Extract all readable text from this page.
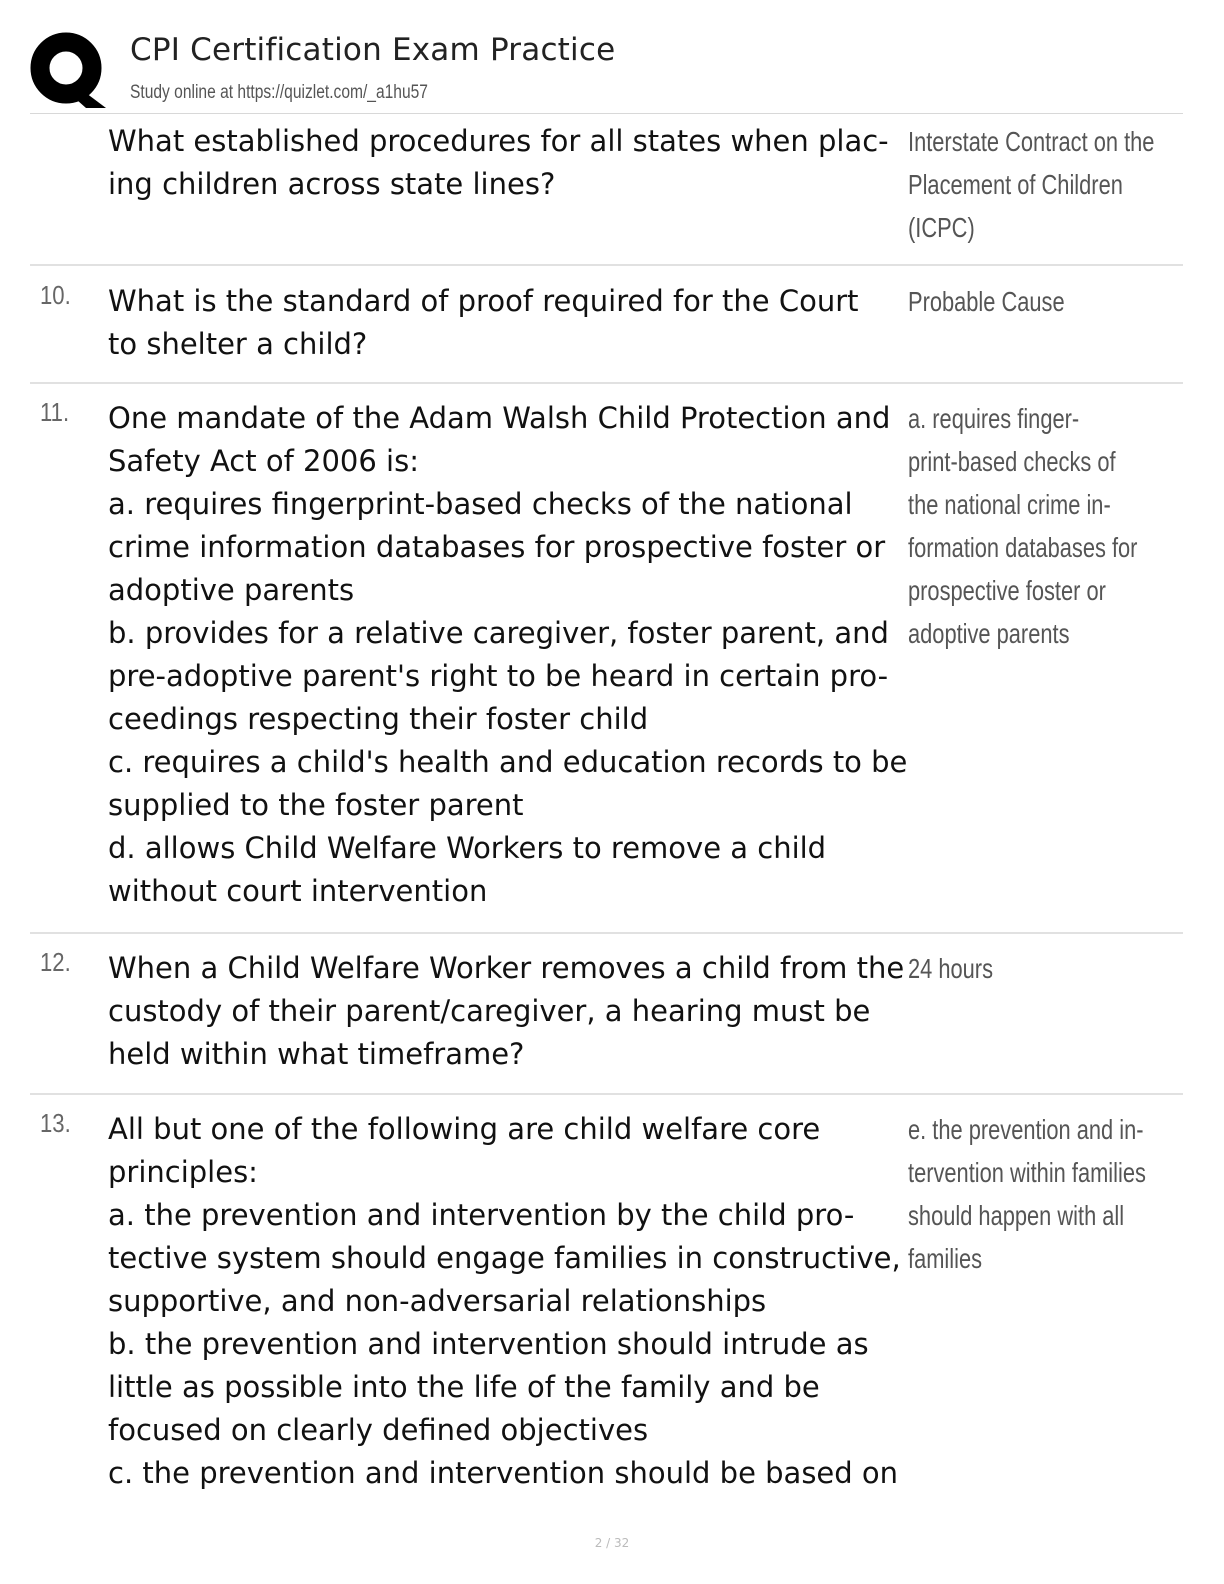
CPI Certification Exam Practice
Study online at https://quizlet.com/_a1hu57
What established procedures for all states when plac-
ing children across state lines?
Interstate Contract on the
Placement of Children
(ICPC)
10. What is the standard of proof required for the Court
to shelter a child?
Probable Cause
11. One mandate of the Adam Walsh Child Protection and
Safety Act of 2006 is:
a. requires fingerprint-based checks of the national
crime information databases for prospective foster or
adoptive parents
b. provides for a relative caregiver, foster parent, and
pre-adoptive parent's right to be heard in certain pro-
ceedings respecting their foster child
c. requires a child's health and education records to be
supplied to the foster parent
d. allows Child Welfare Workers to remove a child
without court intervention
a. requires finger-
print-based checks of
the national crime in-
formation databases for
prospective foster or
adoptive parents
12. When a Child Welfare Worker removes a child from the
custody of their parent/caregiver, a hearing must be
held within what timeframe?
24 hours
13. All but one of the following are child welfare core
principles:
a. the prevention and intervention by the child pro-
tective system should engage families in constructive,
supportive, and non-adversarial relationships
b. the prevention and intervention should intrude as
little as possible into the life of the family and be
focused on clearly defined objectives
c. the prevention and intervention should be based on
e. the prevention and in-
tervention within families
should happen with all
families
2 / 32
